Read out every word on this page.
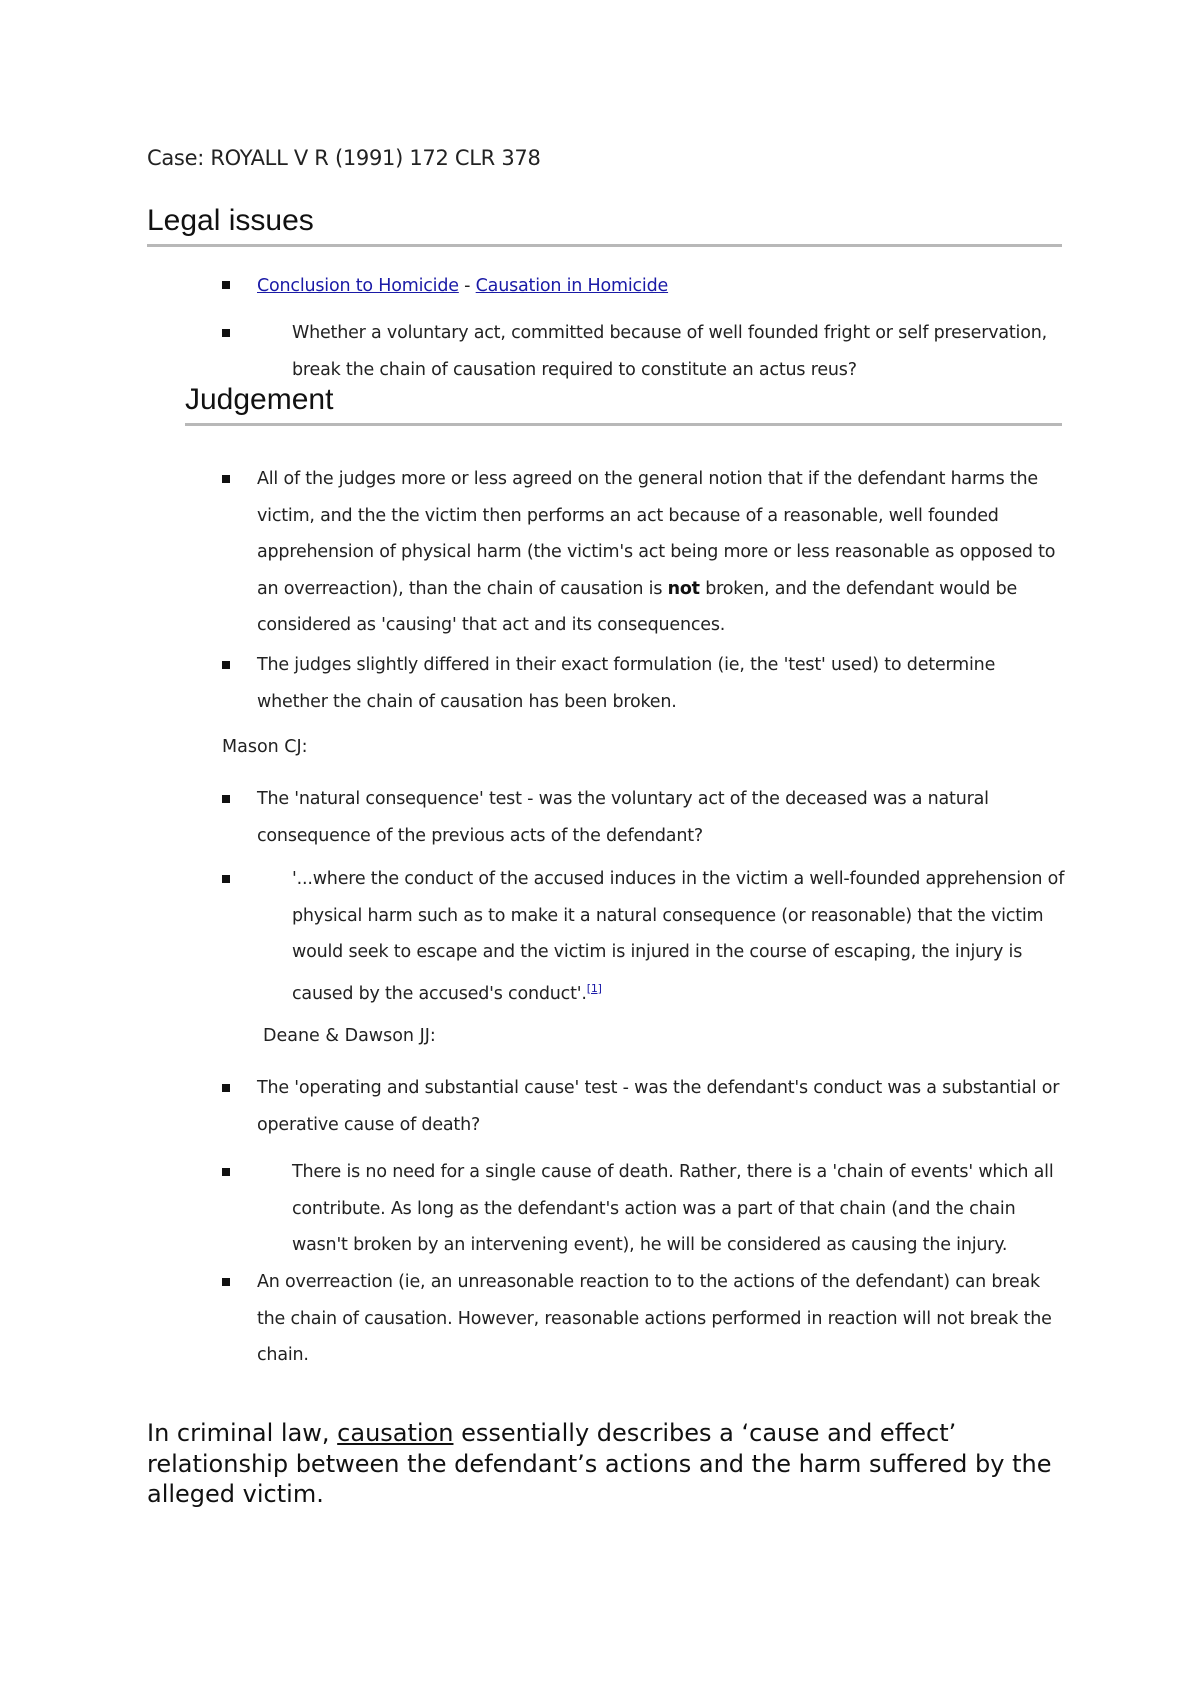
Case: ROYALL V R (1991) 172 CLR 378
Legal issues
Conclusion to Homicide - Causation in Homicide
Whether a voluntary act, committed because of well founded fright or self preservation, break the chain of causation required to constitute an actus reus?
Judgement
All of the judges more or less agreed on the general notion that if the defendant harms the victim, and the the victim then performs an act because of a reasonable, well founded apprehension of physical harm (the victim's act being more or less reasonable as opposed to an overreaction), than the chain of causation is not broken, and the defendant would be considered as 'causing' that act and its consequences.
The judges slightly differed in their exact formulation (ie, the 'test' used) to determine whether the chain of causation has been broken.
Mason CJ:
The 'natural consequence' test - was the voluntary act of the deceased was a natural consequence of the previous acts of the defendant?
'...where the conduct of the accused induces in the victim a well-founded apprehension of physical harm such as to make it a natural consequence (or reasonable) that the victim would seek to escape and the victim is injured in the course of escaping, the injury is caused by the accused's conduct'.[1]
Deane & Dawson JJ:
The 'operating and substantial cause' test - was the defendant's conduct was a substantial or operative cause of death?
There is no need for a single cause of death. Rather, there is a 'chain of events' which all contribute. As long as the defendant's action was a part of that chain (and the chain wasn't broken by an intervening event), he will be considered as causing the injury.
An overreaction (ie, an unreasonable reaction to to the actions of the defendant) can break the chain of causation. However, reasonable actions performed in reaction will not break the chain.
In criminal law, causation essentially describes a ‘cause and effect’ relationship between the defendant’s actions and the harm suffered by the alleged victim.
